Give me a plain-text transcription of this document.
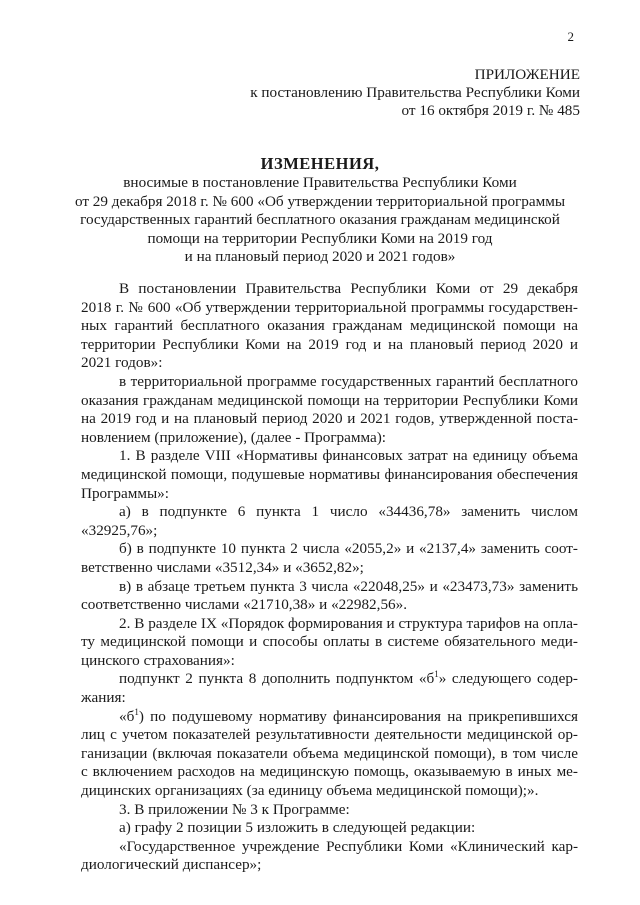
2
ПРИЛОЖЕНИЕ
к постановлению Правительства Республики Коми
от 16 октября 2019 г. № 485
ИЗМЕНЕНИЯ,
вносимые в постановление Правительства Республики Коми
от 29 декабря 2018 г. № 600 «Об утверждении территориальной программы
государственных гарантий бесплатного оказания гражданам медицинской
помощи на территории Республики Коми на 2019 год
и на плановый период 2020 и 2021 годов»
В постановлении Правительства Республики Коми от 29 декабря
2018 г. № 600 «Об утверждении территориальной программы государствен-
ных гарантий бесплатного оказания гражданам медицинской помощи на
территории Республики Коми на 2019 год и на плановый период 2020 и
2021 годов»:
в территориальной программе государственных гарантий бесплатного
оказания гражданам медицинской помощи на территории Республики Коми
на 2019 год и на плановый период 2020 и 2021 годов, утвержденной поста-
новлением (приложение), (далее - Программа):
1. В разделе VIII «Нормативы финансовых затрат на единицу объема
медицинской помощи, подушевые нормативы финансирования обеспечения
Программы»:
а) в подпункте 6 пункта 1 число «34436,78» заменить числом
«32925,76»;
б) в подпункте 10 пункта 2 числа «2055,2» и «2137,4» заменить соот-
ветственно числами «3512,34» и «3652,82»;
в) в абзаце третьем пункта 3 числа «22048,25» и «23473,73» заменить
соответственно числами «21710,38» и «22982,56».
2. В разделе IX «Порядок формирования и структура тарифов на опла-
ту медицинской помощи и способы оплаты в системе обязательного меди-
цинского страхования»:
подпункт 2 пункта 8 дополнить подпунктом «$б^1$» следующего содер-
жания:
«$б^1$) по подушевому нормативу финансирования на прикрепившихся
лиц с учетом показателей результативности деятельности медицинской ор-
ганизации (включая показатели объема медицинской помощи), в том числе
с включением расходов на медицинскую помощь, оказываемую в иных ме-
дицинских организациях (за единицу объема медицинской помощи);».
3. В приложении № 3 к Программе:
а) графу 2 позиции 5 изложить в следующей редакции:
«Государственное учреждение Республики Коми «Клинический кар-
диологический диспансер»;
